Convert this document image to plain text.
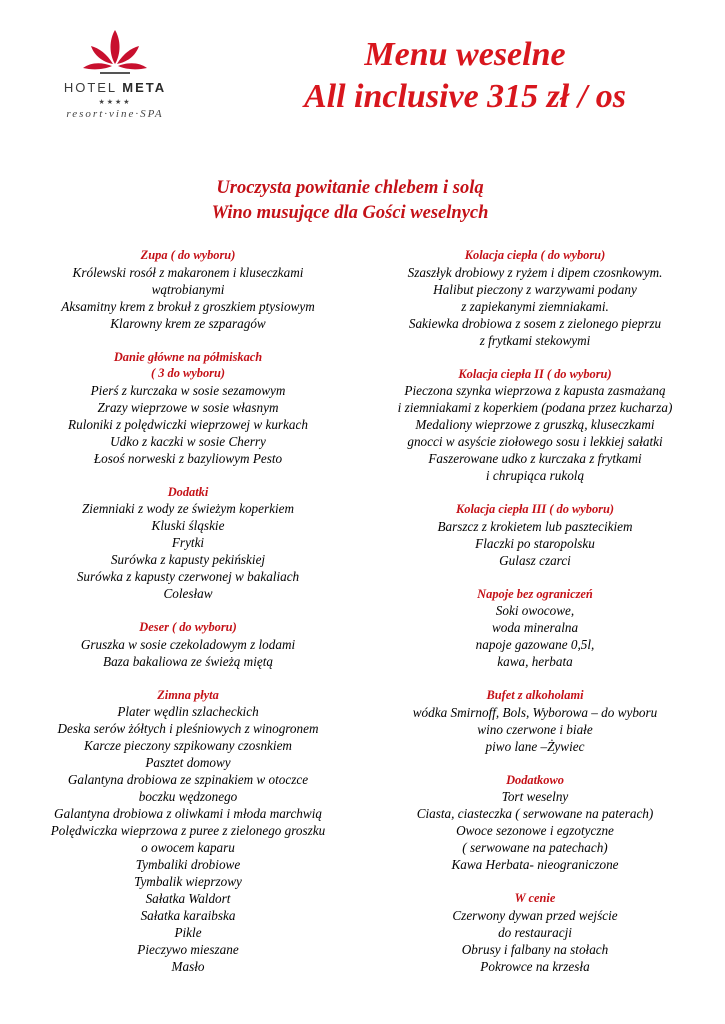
HOTEL META
★★★★
resort·vine·SPA
Menu weselne
All inclusive 315 zł / os
Uroczysta powitanie chlebem i solą
Wino musujące dla Gości weselnych
Zupa ( do wyboru)
Królewski rosół z makaronem i kluseczkami
wątrobianymi
Aksamitny krem z brokuł z groszkiem ptysiowym
Klarowny krem ze szparagów
Danie główne na półmiskach
( 3 do wyboru)
Pierś z kurczaka w sosie sezamowym
Zrazy wieprzowe w sosie własnym
Ruloniki z polędwiczki wieprzowej w kurkach
Udko z kaczki w sosie Cherry
Łosoś norweski z bazyliowym Pesto
Dodatki
Ziemniaki z wody ze świeżym koperkiem
Kluski śląskie
Frytki
Surówka z kapusty pekińskiej
Surówka z kapusty czerwonej w bakaliach
Colesław
Deser ( do wyboru)
Gruszka w sosie czekoladowym z lodami
Baza bakaliowa ze świeżą miętą
Zimna płyta
Plater wędlin szlacheckich
Deska serów żółtych i pleśniowych z winogronem
Karcze pieczony szpikowany czosnkiem
Pasztet domowy
Galantyna drobiowa ze szpinakiem w otoczce
boczku wędzonego
Galantyna drobiowa z oliwkami i młoda marchwią
Polędwiczka wieprzowa z puree z zielonego groszku
o owocem kaparu
Tymbaliki drobiowe
Tymbalik wieprzowy
Sałatka Waldort
Sałatka karaibska
Pikle
Pieczywo mieszane
Masło
Kolacja ciepła ( do wyboru)
Szaszłyk drobiowy z ryżem i dipem czosnkowym.
Halibut pieczony z warzywami podany
z zapiekanymi ziemniakami.
Sakiewka drobiowa z sosem z zielonego pieprzu
z frytkami stekowymi
Kolacja ciepła II ( do wyboru)
Pieczona szynka wieprzowa z kapusta zasmażaną
i ziemniakami z koperkiem (podana przez kucharza)
Medaliony wieprzowe z gruszką, kluseczkami
gnocci w asyście ziołowego sosu i lekkiej sałatki
Faszerowane udko z kurczaka z frytkami
i chrupiąca rukolą
Kolacja ciepła III ( do wyboru)
Barszcz z krokietem lub pasztecikiem
Flaczki po staropolsku
Gulasz czarci
Napoje bez ograniczeń
Soki owocowe,
woda mineralna
napoje gazowane 0,5l,
kawa, herbata
Bufet z alkoholami
wódka Smirnoff, Bols, Wyborowa – do wyboru
wino czerwone i białe
piwo lane –Żywiec
Dodatkowo
Tort weselny
Ciasta, ciasteczka ( serwowane na paterach)
Owoce sezonowe i egzotyczne
( serwowane na patechach)
Kawa Herbata- nieograniczone
W cenie
Czerwony dywan przed wejście
do restauracji
Obrusy i falbany na stołach
Pokrowce na krzesła
